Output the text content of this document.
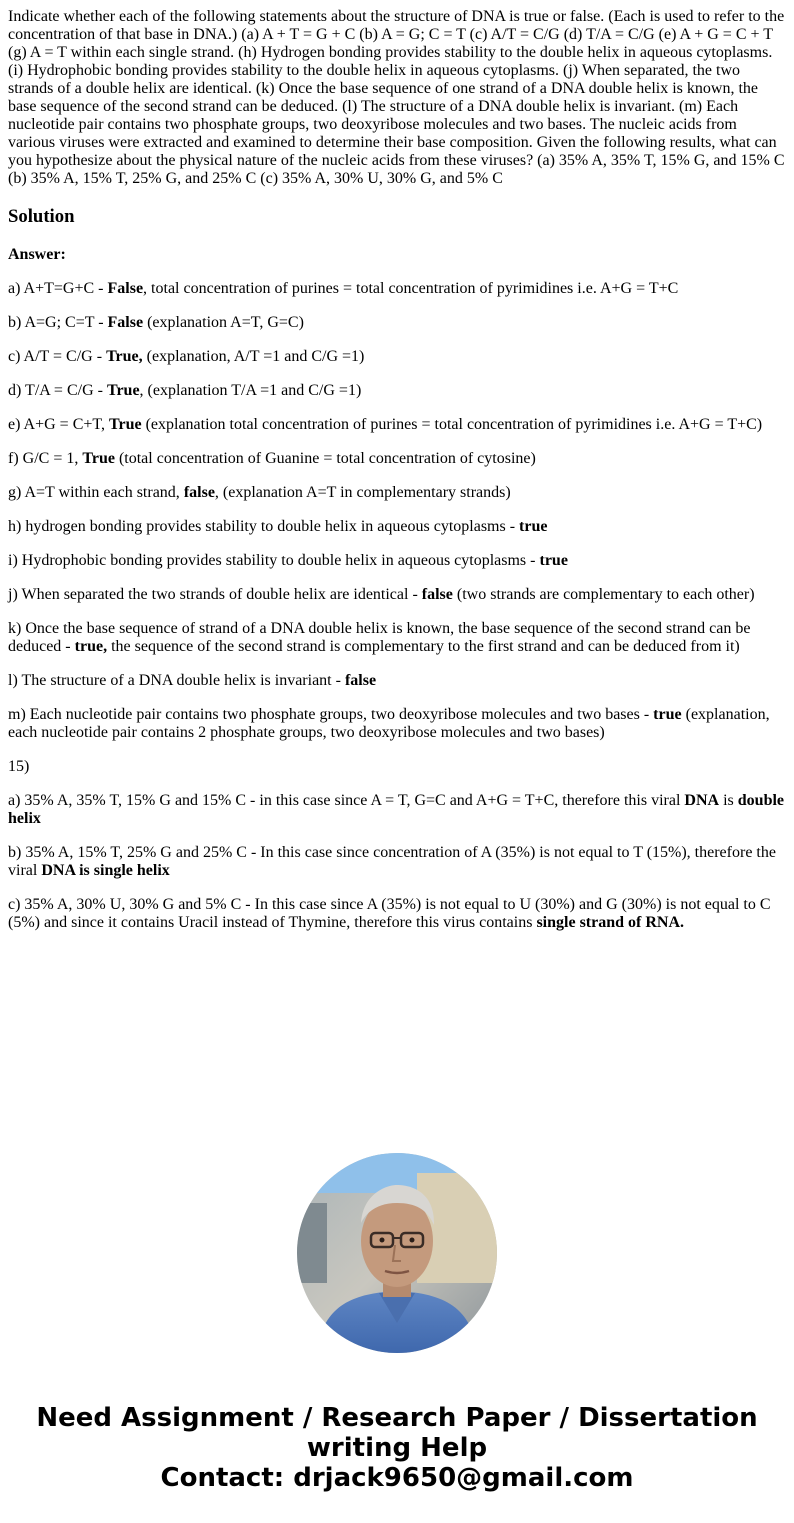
Indicate whether each of the following statements about the structure of DNA is true or false. (Each is used to refer to the concentration of that base in DNA.) (a) A + T = G + C (b) A = G; C = T (c) A/T = C/G (d) T/A = C/G (e) A + G = C + T (g) A = T within each single strand. (h) Hydrogen bonding provides stability to the double helix in aqueous cytoplasms. (i) Hydrophobic bonding provides stability to the double helix in aqueous cytoplasms. (j) When separated, the two strands of a double helix are identical. (k) Once the base sequence of one strand of a DNA double helix is known, the base sequence of the second strand can be deduced. (l) The structure of a DNA double helix is invariant. (m) Each nucleotide pair contains two phosphate groups, two deoxyribose molecules and two bases. The nucleic acids from various viruses were extracted and examined to determine their base composition. Given the following results, what can you hypothesize about the physical nature of the nucleic acids from these viruses? (a) 35% A, 35% T, 15% G, and 15% C (b) 35% A, 15% T, 25% G, and 25% C (c) 35% A, 30% U, 30% G, and 5% C

Solution

Answer:

a) A+T=G+C - False, total concentration of purines = total concentration of pyrimidines i.e. A+G = T+C

b) A=G; C=T - False (explanation A=T, G=C)

c) A/T = C/G - True, (explanation, A/T =1 and C/G =1)

d) T/A = C/G - True, (explanation T/A =1 and C/G =1)

e) A+G = C+T, True (explanation total concentration of purines = total concentration of pyrimidines i.e. A+G = T+C)

f) G/C = 1, True (total concentration of Guanine = total concentration of cytosine)

g) A=T within each strand, false, (explanation A=T in complementary strands)

h) hydrogen bonding provides stability to double helix in aqueous cytoplasms - true

i) Hydrophobic bonding provides stability to double helix in aqueous cytoplasms - true

j) When separated the two strands of double helix are identical - false (two strands are complementary to each other)

k) Once the base sequence of strand of a DNA double helix is known, the base sequence of the second strand can be deduced - true, the sequence of the second strand is complementary to the first strand and can be deduced from it)

l) The structure of a DNA double helix is invariant - false

m) Each nucleotide pair contains two phosphate groups, two deoxyribose molecules and two bases - true (explanation, each nucleotide pair contains 2 phosphate groups, two deoxyribose molecules and two bases)

15)

a) 35% A, 35% T, 15% G and 15% C - in this case since A = T, G=C and A+G = T+C, therefore this viral DNA is double helix

b) 35% A, 15% T, 25% G and 25% C - In this case since concentration of A (35%) is not equal to T (15%), therefore the viral DNA is single helix

c) 35% A, 30% U, 30% G and 5% C - In this case since A (35%) is not equal to U (30%) and G (30%) is not equal to C (5%) and since it contains Uracil instead of Thymine, therefore this virus contains single strand of RNA.

Need Assignment / Research Paper / Dissertation
writing Help
Contact: drjack9650@gmail.com
